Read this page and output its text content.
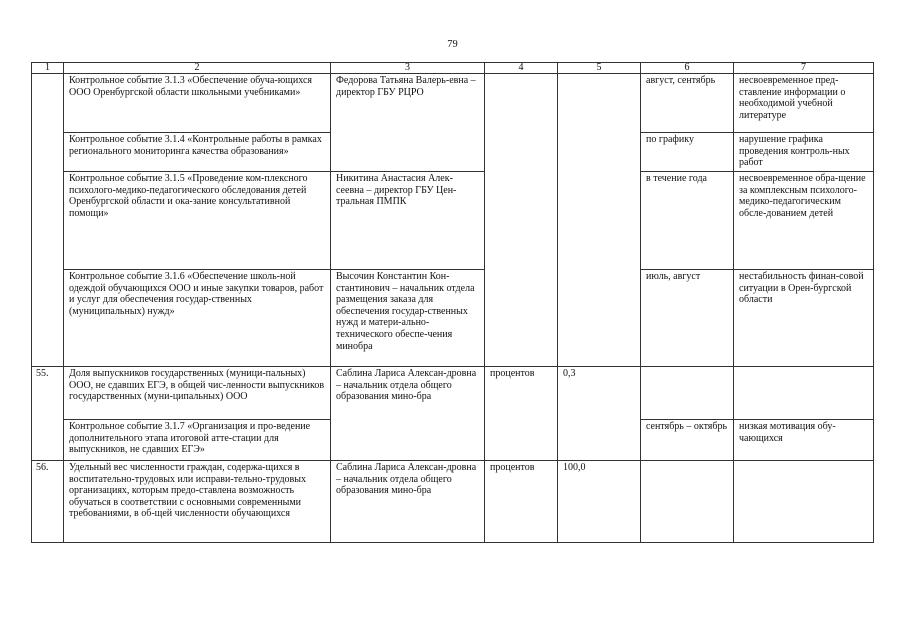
79
1	2	3	4	5	6	7
	Контрольное событие 3.1.3 «Обеспечение обуча-ющихся ООО Оренбургской области школьными учебниками»	Федорова Татьяна Валерь-евна – директор ГБУ РЦРО			август, сентябрь	несвоевременное пред-ставление информации о необходимой учебной литературе
	Контрольное событие 3.1.4 «Контрольные работы в рамках регионального мониторинга качества образования»				по графику	нарушение графика проведения контроль-ных работ
	Контрольное событие 3.1.5 «Проведение ком-плексного психолого-медико-педагогического обследования детей Оренбургской области и ока-зание консультативной помощи»	Никитина Анастасия Алек-сеевна – директор ГБУ Цен-тральная ПМПК			в течение года	несвоевременное обра-щение за комплексным психолого-медико-педагогическим обсле-дованием детей
	Контрольное событие 3.1.6 «Обеспечение школь-ной одеждой обучающихся ООО и иные закупки товаров, работ и услуг для обеспечения государ-ственных (муниципальных) нужд»	Высочин Константин Кон-стантинович – начальник отдела размещения заказа для обеспечения государ-ственных нужд и матери-ально-технического обеспе-чения минобра			июль, август	нестабильность финан-совой ситуации в Орен-бургской области
55.	Доля выпускников государственных (муници-пальных) ООО, не сдавших ЕГЭ, в общей чис-ленности выпускников государственных (муни-ципальных) ООО	Саблина Лариса Алексан-дровна – начальник отдела общего образования мино-бра	процентов	0,3		
	Контрольное событие 3.1.7 «Организация и про-ведение дополнительного этапа итоговой атте-стации для выпускников, не сдавших ЕГЭ»				сентябрь – октябрь	низкая мотивация обу-чающихся
56.	Удельный вес численности граждан, содержа-щихся в воспитательно-трудовых или исправи-тельно-трудовых организациях, которым предо-ставлена возможность обучаться в соответствии с основными современными требованиями, в об-щей численности обучающихся	Саблина Лариса Алексан-дровна – начальник отдела общего образования мино-бра	процентов	100,0		
